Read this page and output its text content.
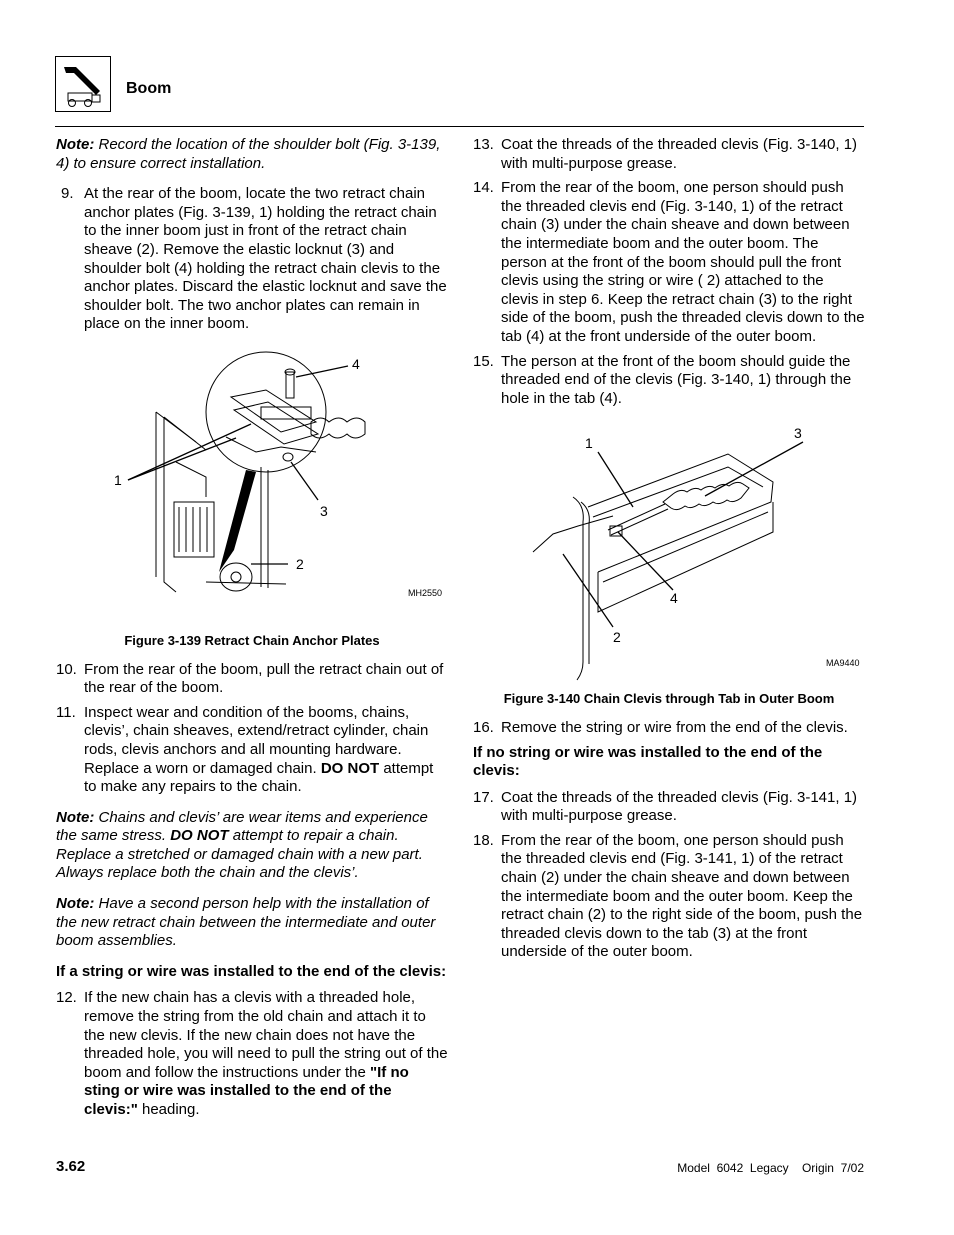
Boom

Note: Record the location of the shoulder bolt (Fig. 3-139, 4) to ensure correct installation.

9. At the rear of the boom, locate the two retract chain anchor plates (Fig. 3-139, 1) holding the retract chain to the inner boom just in front of the retract chain sheave (2). Remove the elastic locknut (3) and shoulder bolt (4) holding the retract chain clevis to the anchor plates. Discard the elastic locknut and save the shoulder bolt. The two anchor plates can remain in place on the inner boom.
1
2
3
4
MH2550
Figure 3-139 Retract Chain Anchor Plates
10. From the rear of the boom, pull the retract chain out of the rear of the boom.
11. Inspect wear and condition of the booms, chains, clevis’, chain sheaves, extend/retract cylinder, chain rods, clevis anchors and all mounting hardware. Replace a worn or damaged chain. DO NOT attempt to make any repairs to the chain.

Note: Chains and clevis’ are wear items and experience the same stress. DO NOT attempt to repair a chain. Replace a stretched or damaged chain with a new part. Always replace both the chain and the clevis’.

Note: Have a second person help with the installation of the new retract chain between the intermediate and outer boom assemblies.

If a string or wire was installed to the end of the clevis:
12. If the new chain has a clevis with a threaded hole, remove the string from the old chain and attach it to the new clevis. If the new chain does not have the threaded hole, you will need to pull the string out of the boom and follow the instructions under the "If no sting or wire was installed to the end of the clevis:" heading.
13. Coat the threads of the threaded clevis (Fig. 3-140, 1) with multi-purpose grease.
14. From the rear of the boom, one person should push the threaded clevis end (Fig. 3-140, 1) of the retract chain (3) under the chain sheave and down between the intermediate boom and the outer boom. The person at the front of the boom should pull the front clevis using the string or wire ( 2) attached to the clevis in step 6. Keep the retract chain (3) to the right side of the boom, push the threaded clevis down to the tab (4) at the front underside of the outer boom.
15. The person at the front of the boom should guide the threaded end of the clevis (Fig. 3-140, 1) through the hole in the tab (4).
1
2
3
4
MA9440
Figure 3-140 Chain Clevis through Tab in Outer Boom
16. Remove the string or wire from the end of the clevis.
If no string or wire was installed to the end of the clevis:
17. Coat the threads of the threaded clevis (Fig. 3-141, 1) with multi-purpose grease.
18. From the rear of the boom, one person should push the threaded clevis end (Fig. 3-141, 1) of the retract chain (2) under the chain sheave and down between the intermediate boom and the outer boom. Keep the retract chain (2) to the right side of the boom, push the threaded clevis down to the tab (3) at the front underside of the outer boom.
3.62	Model  6042  Legacy    Origin  7/02
